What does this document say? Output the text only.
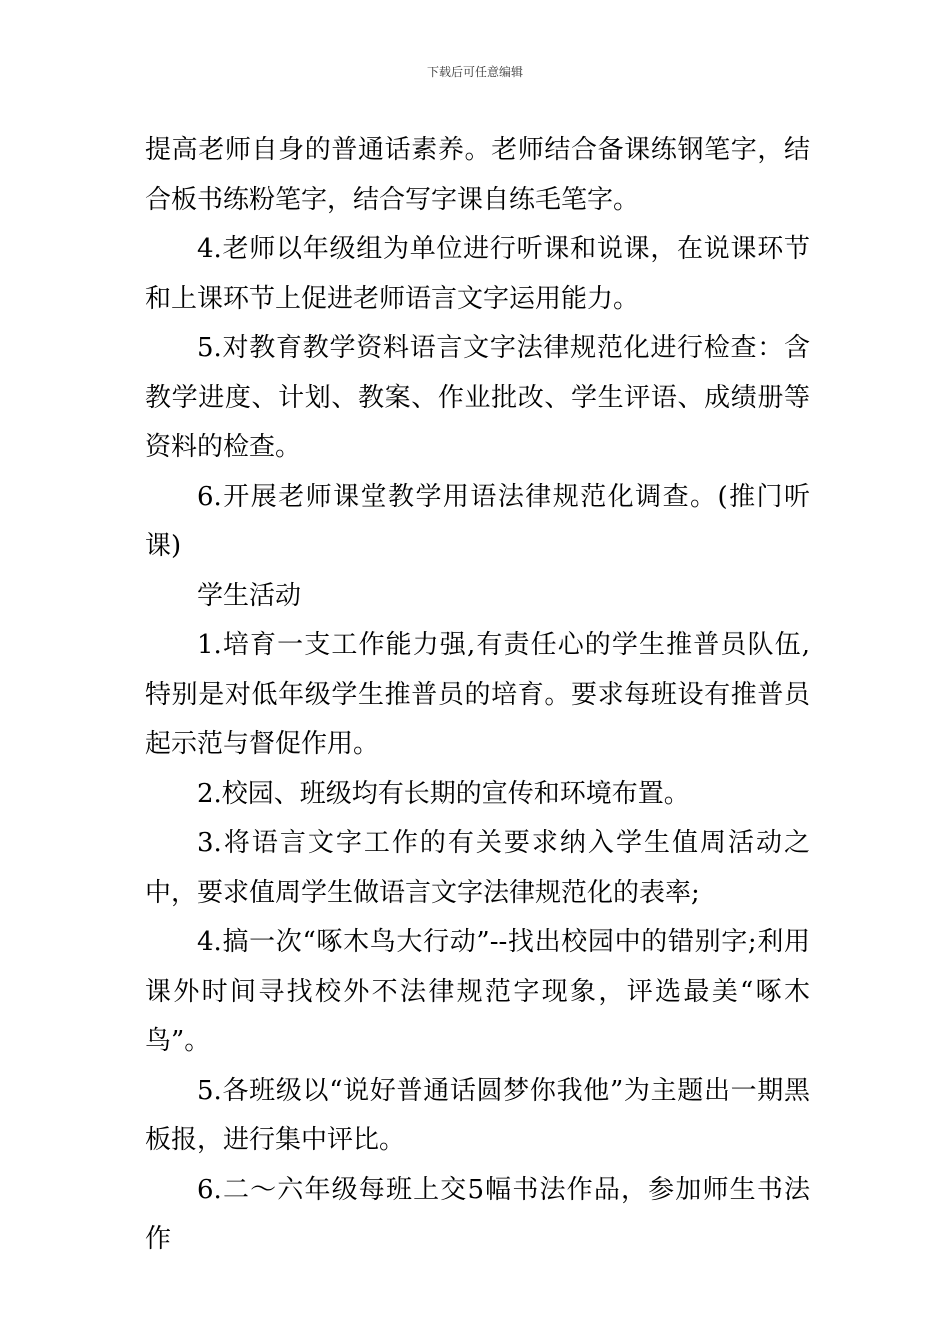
下载后可任意编辑

提高老师自身的普通话素养。老师结合备课练钢笔字，结合板书练粉笔字，结合写字课自练毛笔字。

4.老师以年级组为单位进行听课和说课，在说课环节和上课环节上促进老师语言文字运用能力。

5.对教育教学资料语言文字法律规范化进行检查：含教学进度、计划、教案、作业批改、学生评语、成绩册等资料的检查。

6.开展老师课堂教学用语法律规范化调查。(推门听课)

学生活动

1.培育一支工作能力强,有责任心的学生推普员队伍,特别是对低年级学生推普员的培育。要求每班设有推普员起示范与督促作用。

2.校园、班级均有长期的宣传和环境布置。

3.将语言文字工作的有关要求纳入学生值周活动之中，要求值周学生做语言文字法律规范化的表率;

4.搞一次“啄木鸟大行动”--找出校园中的错别字;利用课外时间寻找校外不法律规范字现象，评选最美“啄木鸟”。

5.各班级以“说好普通话圆梦你我他”为主题出一期黑板报，进行集中评比。

6.二～六年级每班上交5幅书法作品，参加师生书法作
